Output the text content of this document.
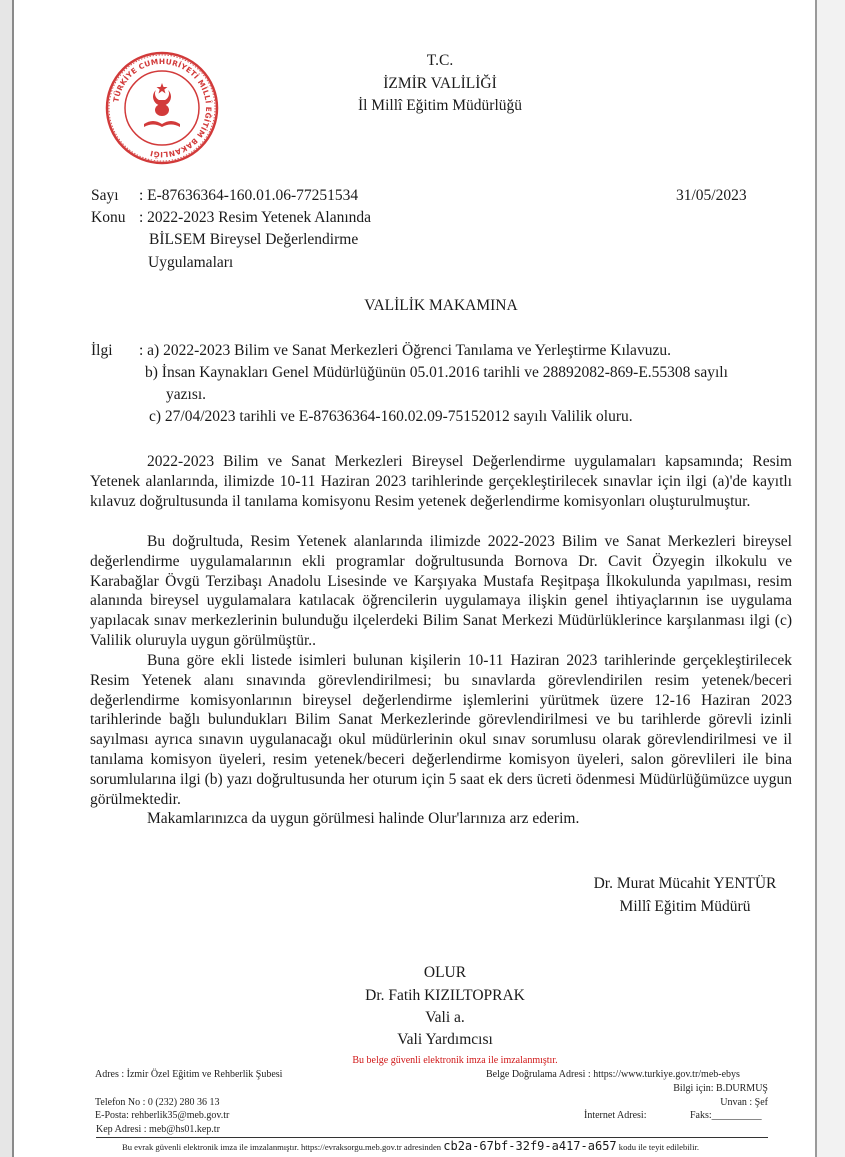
TÜRKİYE CUMHURİYETİ MİLLÎ EĞİTİM BAKANLIĞI
T.C.
İZMİR VALİLİĞİ
İl Millî Eğitim Müdürlüğü
Sayı : E-87636364-160.01.06-77251534	31/05/2023
Konu : 2022-2023 Resim Yetenek Alanında
BİLSEM Bireysel Değerlendirme
Uygulamaları
VALİLİK MAKAMINA
İlgi : a) 2022-2023 Bilim ve Sanat Merkezleri Öğrenci Tanılama ve Yerleştirme Kılavuzu.
b) İnsan Kaynakları Genel Müdürlüğünün 05.01.2016 tarihli ve 28892082-869-E.55308 sayılı
yazısı.
c) 27/04/2023 tarihli ve E-87636364-160.02.09-75152012 sayılı Valilik oluru.

2022-2023 Bilim ve Sanat Merkezleri Bireysel Değerlendirme uygulamaları kapsamında; Resim Yetenek alanlarında, ilimizde 10-11 Haziran 2023 tarihlerinde gerçekleştirilecek sınavlar için ilgi (a)'de kayıtlı kılavuz doğrultusunda il tanılama komisyonu Resim yetenek değerlendirme komisyonları oluşturulmuştur.

Bu doğrultuda, Resim Yetenek alanlarında ilimizde 2022-2023 Bilim ve Sanat Merkezleri bireysel değerlendirme uygulamalarının ekli programlar doğrultusunda Bornova Dr. Cavit Özyegin ilkokulu ve Karabağlar Övgü Terzibaşı Anadolu Lisesinde ve Karşıyaka Mustafa Reşitpaşa İlkokulunda yapılması, resim alanında bireysel uygulamalara katılacak öğrencilerin uygulamaya ilişkin genel ihtiyaçlarının ise uygulama yapılacak sınav merkezlerinin bulunduğu ilçelerdeki Bilim Sanat Merkezi Müdürlüklerince karşılanması ilgi (c) Valilik oluruyla uygun görülmüştür..

Buna göre ekli listede isimleri bulunan kişilerin 10-11 Haziran 2023 tarihlerinde gerçekleştirilecek Resim Yetenek alanı sınavında görevlendirilmesi; bu sınavlarda görevlendirilen resim yetenek/beceri değerlendirme komisyonlarının bireysel değerlendirme işlemlerini yürütmek üzere 12-16 Haziran 2023 tarihlerinde bağlı bulundukları Bilim Sanat Merkezlerinde görevlendirilmesi ve bu tarihlerde görevli izinli sayılması ayrıca sınavın uygulanacağı okul müdürlerinin okul sınav sorumlusu olarak görevlendirilmesi ve il tanılama komisyon üyeleri, resim yetenek/beceri değerlendirme komisyon üyeleri, salon görevlileri ile bina sorumlularına ilgi (b) yazı doğrultusunda her oturum için 5 saat ek ders ücreti ödenmesi Müdürlüğümüzce uygun görülmektedir.

Makamlarınızca da uygun görülmesi halinde Olur'larınıza arz ederim.

Dr. Murat Mücahit YENTÜR
Millî Eğitim Müdürü
OLUR
Dr. Fatih KIZILTOPRAK
Vali a.
Vali Yardımcısı
Bu belge güvenli elektronik imza ile imzalanmıştır.
Adres : İzmir Özel Eğitim ve Rehberlik Şubesi	Belge Doğrulama Adresi : https://www.turkiye.gov.tr/meb-ebys
Bilgi için: B.DURMUŞ
Telefon No : 0 (232) 280 36 13	Unvan : Şef
E-Posta: rehberlik35@meb.gov.tr	İnternet Adresi:	Faks:__________
Kep Adresi : meb@hs01.kep.tr
Bu evrak güvenli elektronik imza ile imzalanmıştır. https://evraksorgu.meb.gov.tr adresinden cb2a-67bf-32f9-a417-a657 kodu ile teyit edilebilir.
